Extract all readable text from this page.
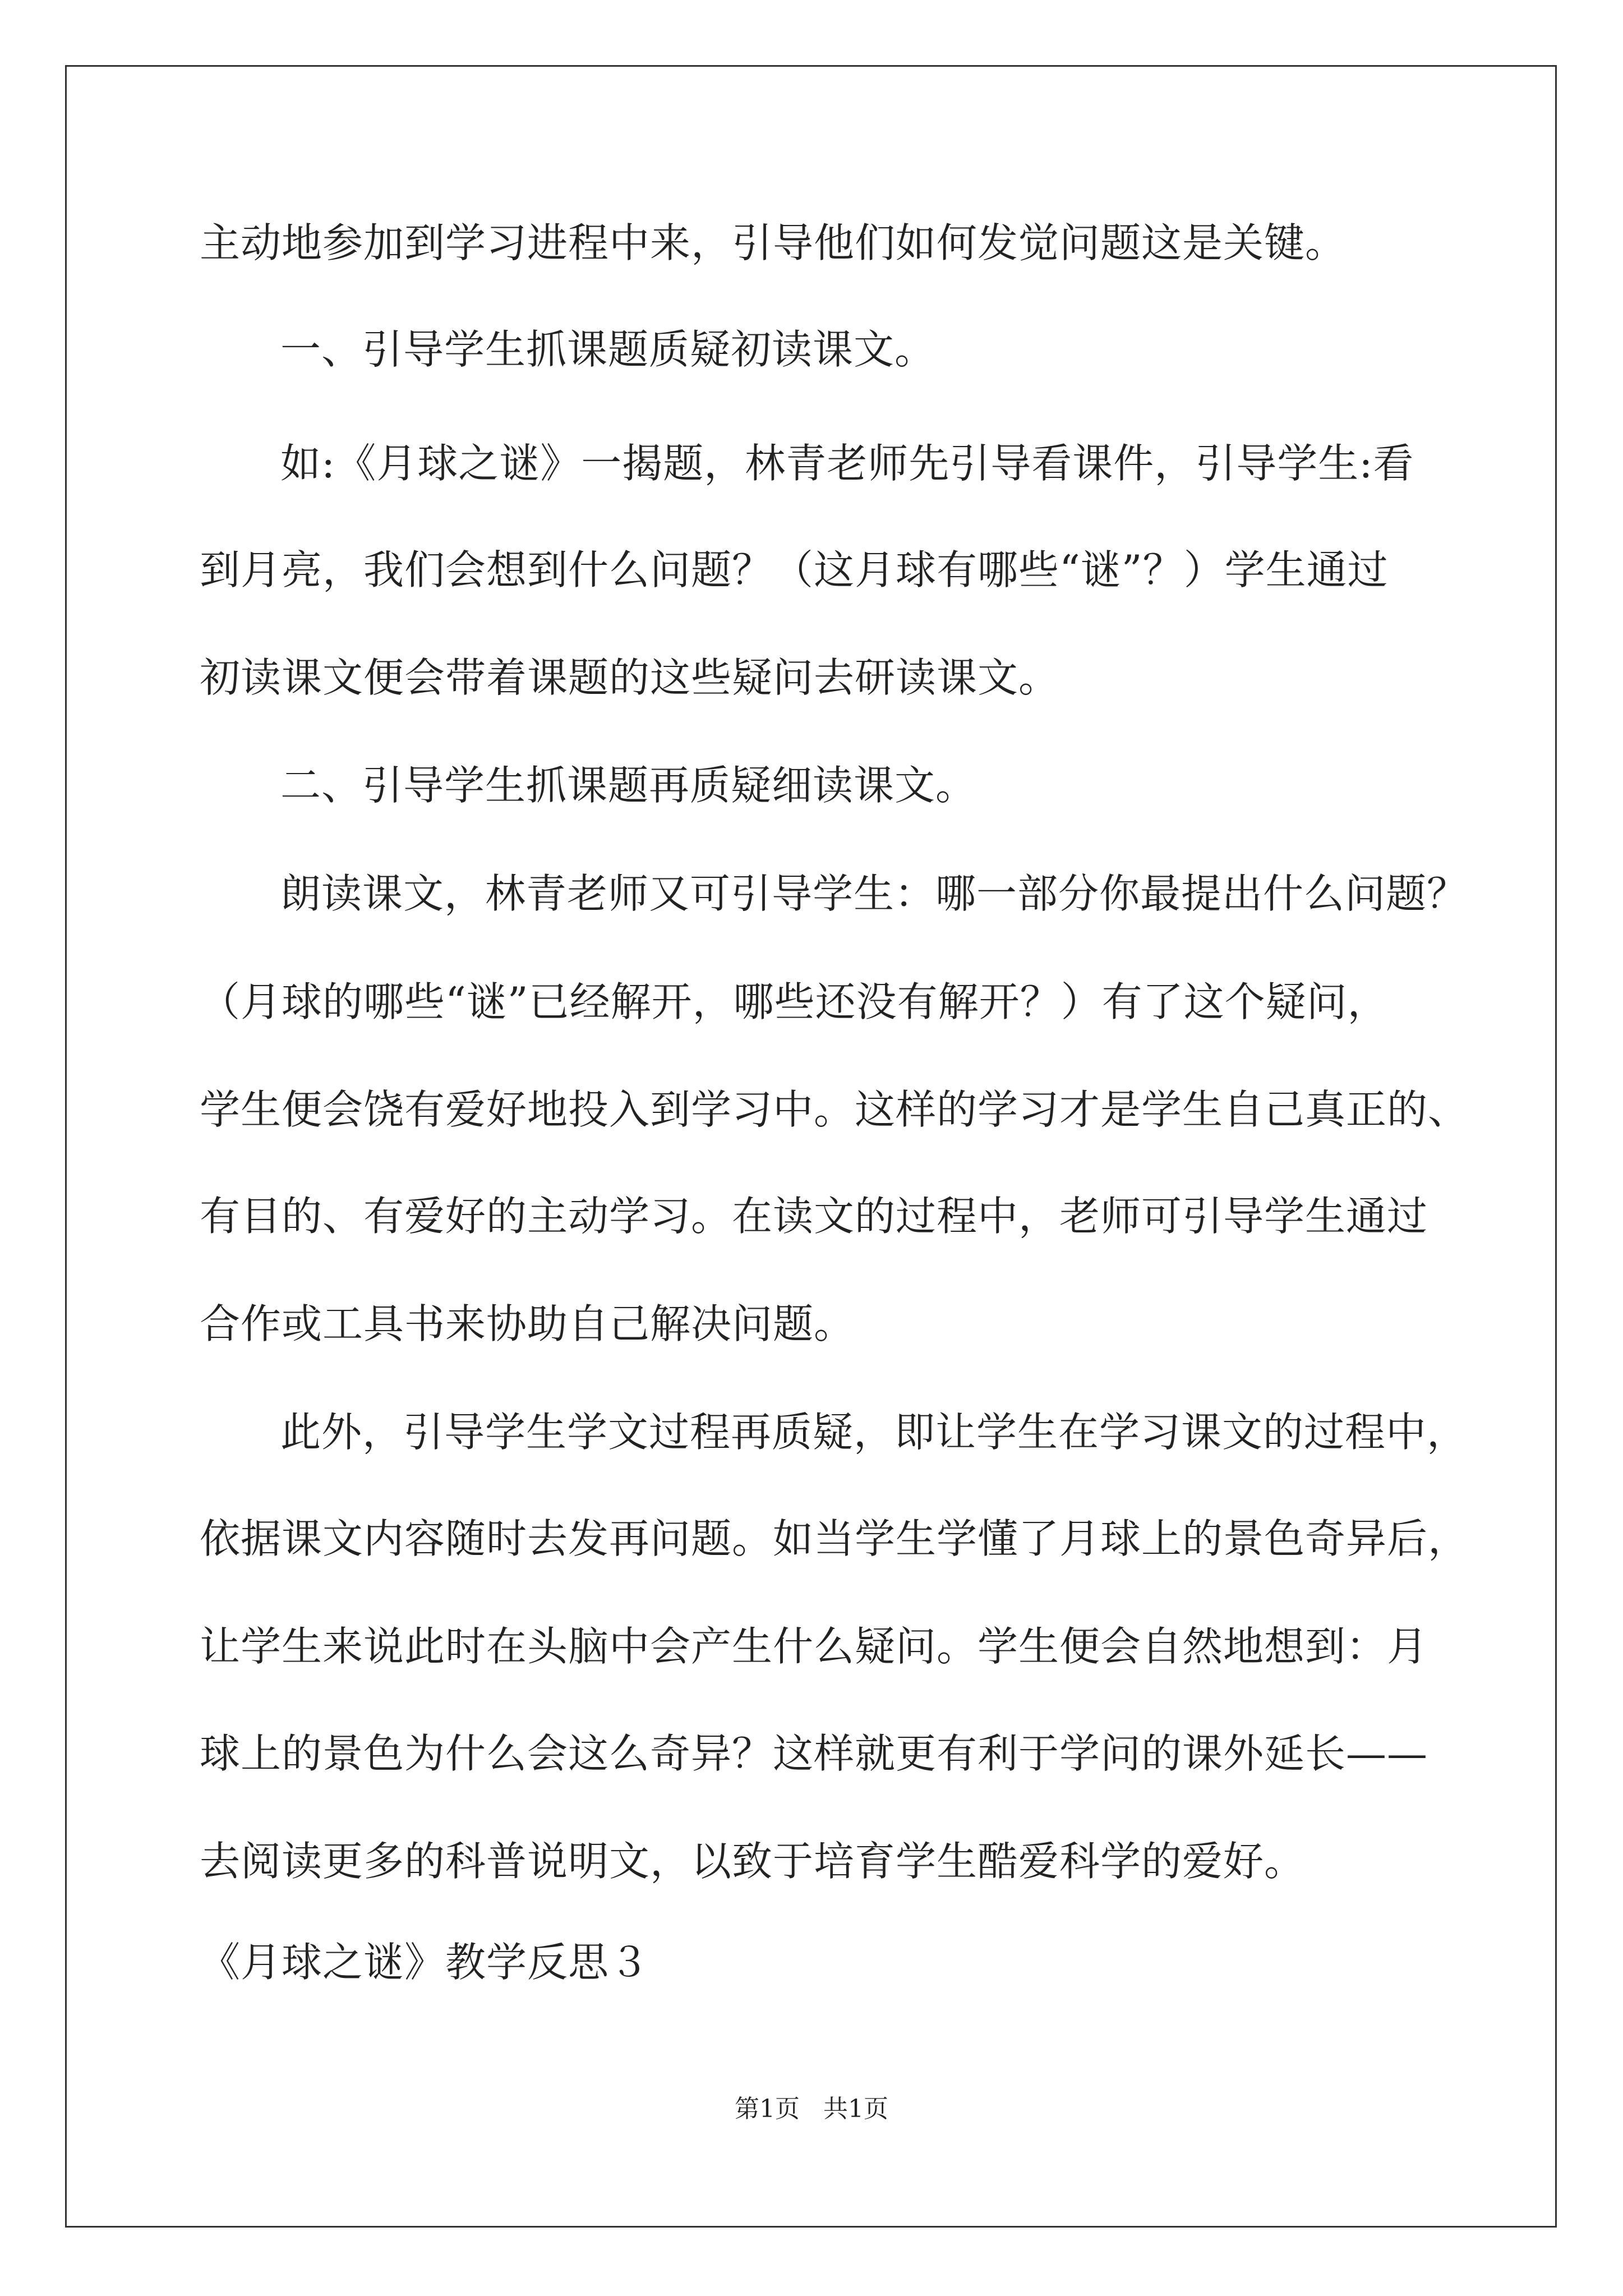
主动地参加到学习进程中来，引导他们如何发觉问题这是关键。
一、引导学生抓课题质疑初读课文。
如:《月球之谜》一揭题，林青老师先引导看课件，引导学生:看
到月亮，我们会想到什么问题？（这月球有哪些“谜”？）学生通过
初读课文便会带着课题的这些疑问去研读课文。
二、引导学生抓课题再质疑细读课文。
朗读课文，林青老师又可引导学生：哪一部分你最提出什么问题？
（月球的哪些“谜”已经解开，哪些还没有解开？）有了这个疑问，
学生便会饶有爱好地投入到学习中。这样的学习才是学生自己真正的、
有目的、有爱好的主动学习。在读文的过程中，老师可引导学生通过
合作或工具书来协助自己解决问题。
此外，引导学生学文过程再质疑，即让学生在学习课文的过程中，
依据课文内容随时去发再问题。如当学生学懂了月球上的景色奇异后，
让学生来说此时在头脑中会产生什么疑问。学生便会自然地想到：月
球上的景色为什么会这么奇异？这样就更有利于学问的课外延长——
去阅读更多的科普说明文，以致于培育学生酷爱科学的爱好。
《月球之谜》教学反思３
第1页   共1页
